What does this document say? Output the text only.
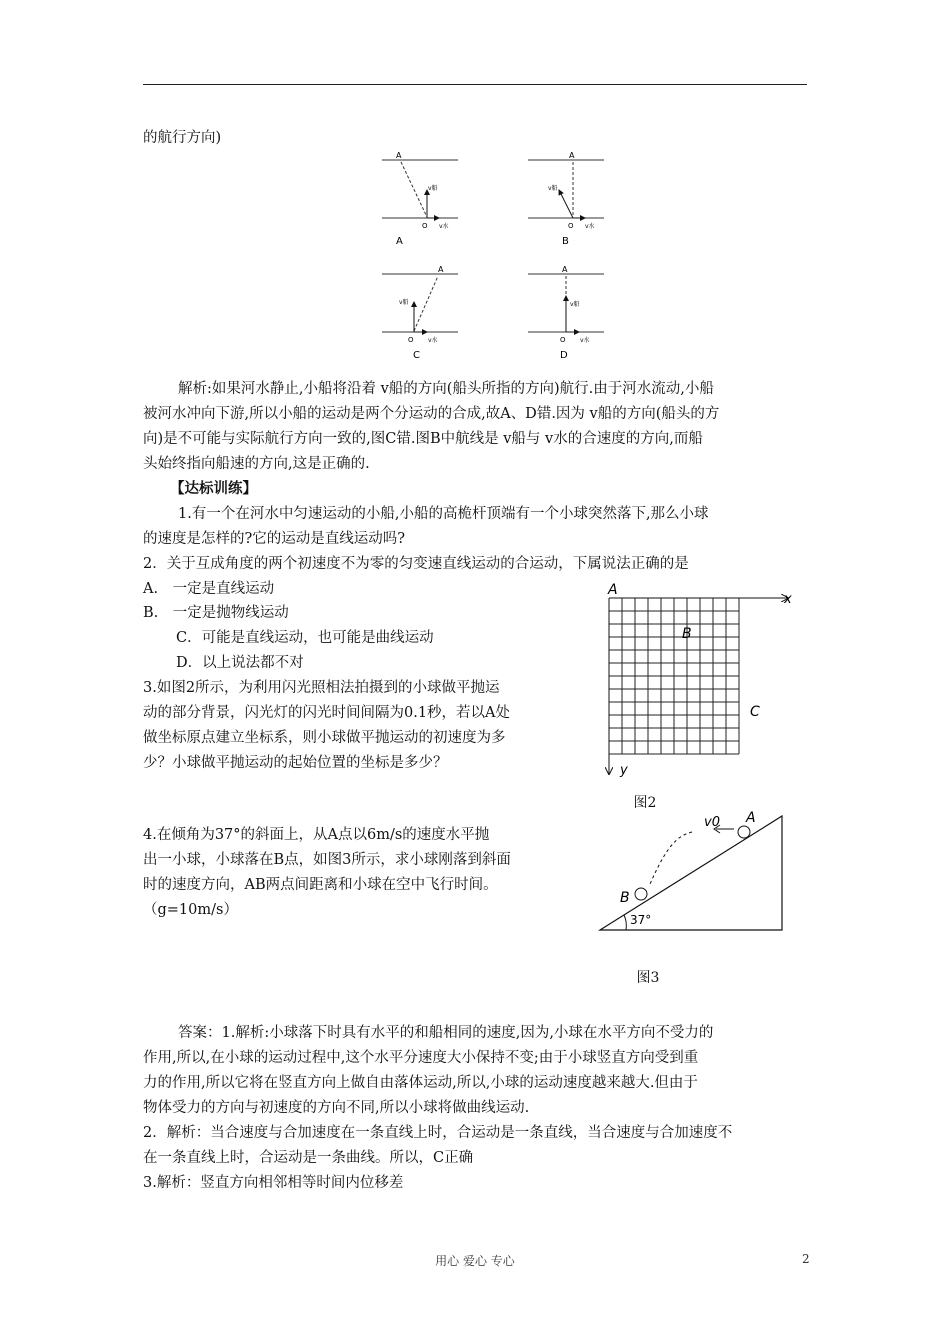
的航行方向)
A
O
v船
v水
A
A
O
v船
v水
B
A
O
v船
v水
C
A
O
v船
v水
D
解析:如果河水静止,小船将沿着 v船的方向(船头所指的方向)航行.由于河水流动,小船
被河水冲向下游,所以小船的运动是两个分运动的合成,故A、D错.因为 v船的方向(船头的方
向)是不可能与实际航行方向一致的,图C错.图B中航线是 v船与 v水的合速度的方向,而船
头始终指向船速的方向,这是正确的.
【达标训练】
1.有一个在河水中匀速运动的小船,小船的高桅杆顶端有一个小球突然落下,那么小球
的速度是怎样的?它的运动是直线运动吗?
2．关于互成角度的两个初速度不为零的匀变速直线运动的合运动，下属说法正确的是
A.　一定是直线运动
B.　一定是抛物线运动
C．可能是直线运动，也可能是曲线运动
D．以上说法都不对
3.如图2所示，为利用闪光照相法拍摄到的小球做平抛运
动的部分背景，闪光灯的闪光时间间隔为0.1秒，若以A处
做坐标原点建立坐标系，则小球做平抛运动的初速度为多
少？小球做平抛运动的起始位置的坐标是多少？
A
B
C
x
y
图2
4.在倾角为37°的斜面上，从A点以6m/s的速度水平抛
出一小球，小球落在B点，如图3所示，求小球刚落到斜面
时的速度方向，AB两点间距离和小球在空中飞行时间。
（g=10m/s）
v0 A
B
37°
图3
答案：1.解析:小球落下时具有水平的和船相同的速度,因为,小球在水平方向不受力的
作用,所以,在小球的运动过程中,这个水平分速度大小保持不变;由于小球竖直方向受到重
力的作用,所以它将在竖直方向上做自由落体运动,所以,小球的运动速度越来越大.但由于
物体受力的方向与初速度的方向不同,所以小球将做曲线运动.
2．解析：当合速度与合加速度在一条直线上时，合运动是一条直线，当合速度与合加速度不
在一条直线上时，合运动是一条曲线。所以，C正确
3.解析：竖直方向相邻相等时间内位移差
用心 爱心 专心	2
